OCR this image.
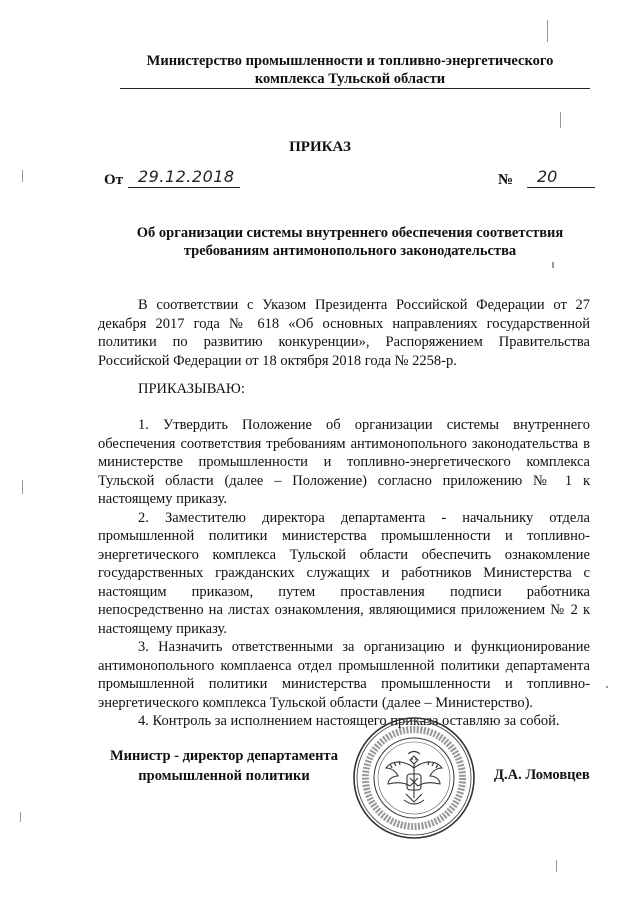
Министерство промышленности и топливно-энергетического
комплекса Тульской области
ПРИКАЗ
От 29.12.2018	№ 20
Об организации системы внутреннего обеспечения соответствия
требованиям антимонопольного законодательства
В соответствии с Указом Президента Российской Федерации от 27 декабря 2017 года № 618 «Об основных направлениях государственной политики по развитию конкуренции», Распоряжением Правительства Российской Федерации от 18 октября 2018 года № 2258-р.
ПРИКАЗЫВАЮ:

1. Утвердить Положение об организации системы внутреннего обеспечения соответствия требованиям антимонопольного законодательства в министерстве промышленности и топливно-энергетического комплекса Тульской области (далее – Положение) согласно приложению № 1 к настоящему приказу.

2. Заместителю директора департамента - начальнику отдела промышленной политики министерства промышленности и топливно-энергетического комплекса Тульской области обеспечить ознакомление государственных гражданских служащих и работников Министерства с настоящим приказом, путем проставления подписи работника непосредственно на листах ознакомления, являющимися приложением № 2 к настоящему приказу.

3. Назначить ответственными за организацию и функционирование антимонопольного комплаенса отдел промышленной политики департамента промышленной политики министерства промышленности и топливно-энергетического комплекса Тульской области (далее – Министерство).

4. Контроль за исполнением настоящего приказа оставляю за собой.

Министр - директор департамента
промышленной политики	Д.А. Ломовцев
